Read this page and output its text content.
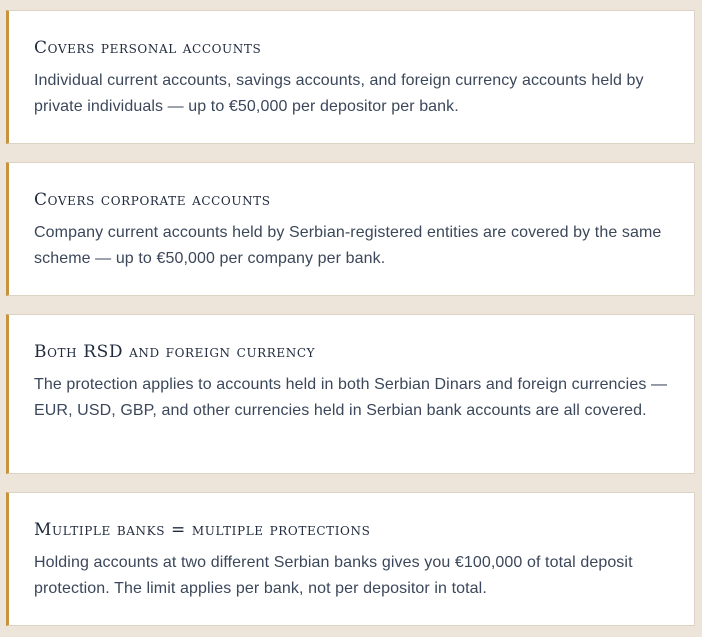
Covers personal accounts
Individual current accounts, savings accounts, and foreign currency accounts held by private individuals — up to €50,000 per depositor per bank.
Covers corporate accounts
Company current accounts held by Serbian-registered entities are covered by the same scheme — up to €50,000 per company per bank.
Both RSD and foreign currency
The protection applies to accounts held in both Serbian Dinars and foreign currencies — EUR, USD, GBP, and other currencies held in Serbian bank accounts are all covered.
Multiple banks = multiple protections
Holding accounts at two different Serbian banks gives you €100,000 of total deposit protection. The limit applies per bank, not per depositor in total.
